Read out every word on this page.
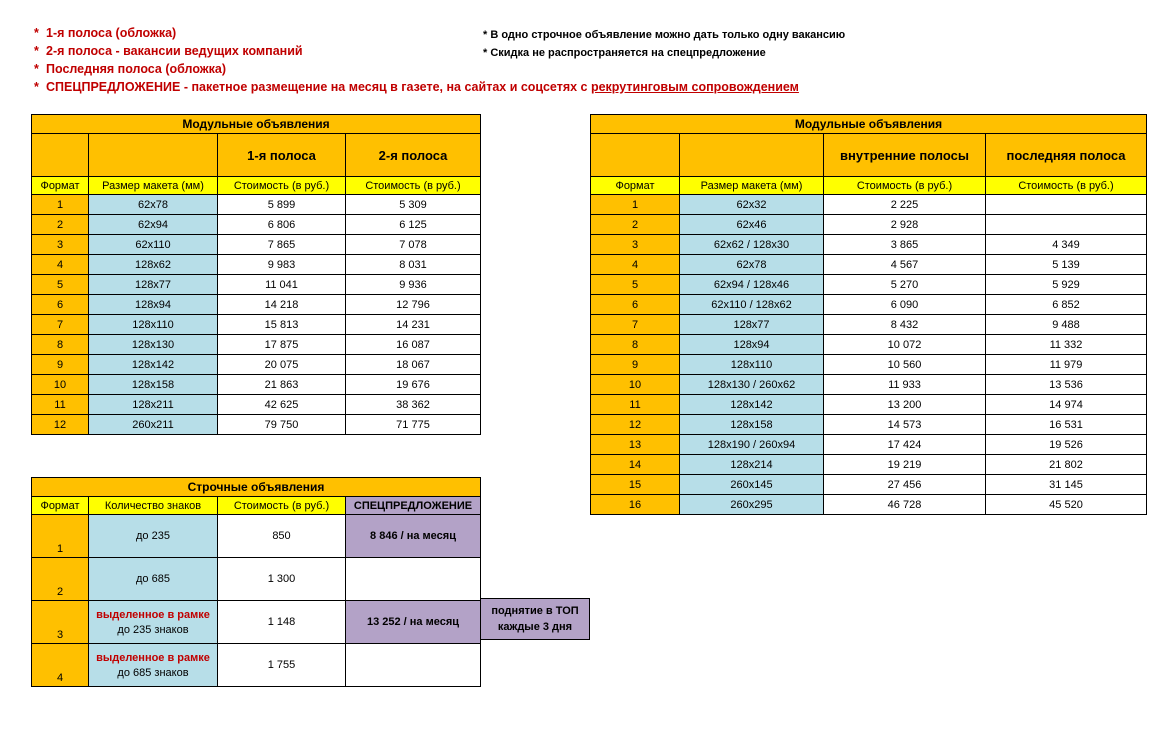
* 1-я полоса (обложка)
* 2-я полоса - вакансии ведущих компаний
* Последняя полоса (обложка)
* СПЕЦПРЕДЛОЖЕНИЕ - пакетное размещение на месяц в газете, на сайтах и соцсетях с рекрутинговым сопровождением
* В одно строчное объявление можно дать только одну вакансию
* Скидка не распространяется на спецпредложение
Модульные объявления			
		1-я полоса	2-я полоса
Формат	Размер макета (мм)	Стоимость (в руб.)	Стоимость (в руб.)
1	62x78	5 899	5 309
2	62x94	6 806	6 125
3	62x110	7 865	7 078
4	128x62	9 983	8 031
5	128x77	11 041	9 936
6	128x94	14 218	12 796
7	128x110	15 813	14 231
8	128x130	17 875	16 087
9	128x142	20 075	18 067
10	128x158	21 863	19 676
11	128x211	42 625	38 362
12	260x211	79 750	71 775
Модульные объявления			
		внутренние полосы	последняя полоса
Формат	Размер макета (мм)	Стоимость (в руб.)	Стоимость (в руб.)
1	62x32	2 225	
2	62x46	2 928	
3	62x62 / 128x30	3 865	4 349
4	62x78	4 567	5 139
5	62x94 / 128x46	5 270	5 929
6	62x110 / 128x62	6 090	6 852
7	128x77	8 432	9 488
8	128x94	10 072	11 332
9	128x110	10 560	11 979
10	128x130 / 260x62	11 933	13 536
11	128x142	13 200	14 974
12	128x158	14 573	16 531
13	128x190 / 260x94	17 424	19 526
14	128x214	19 219	21 802
15	260x145	27 456	31 145
16	260x295	46 728	45 520
Строчные объявления			
Формат	Количество знаков	Стоимость (в руб.)	СПЕЦПРЕДЛОЖЕНИЕ
1	до 235	850	8 846 / на месяц
2	до 685	1 300	
3	выделенное в рамке
до 235 знаков	1 148	13 252 / на месяц
4	выделенное в рамке
до 685 знаков	1 755	
поднятие в ТОП
каждые 3 дня
